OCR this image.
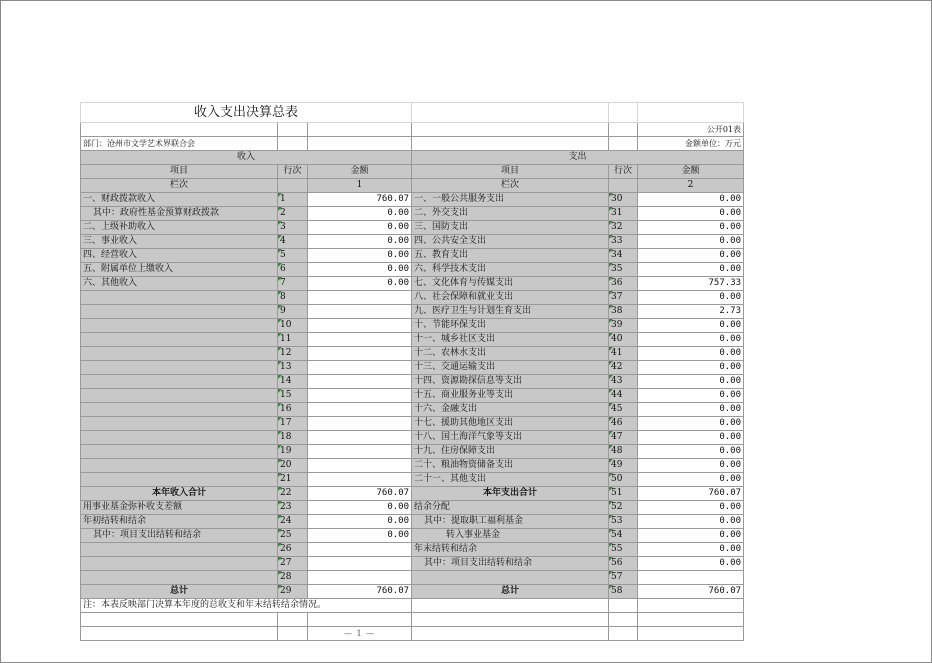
收入支出决算总表					
					公开01表
部门：沧州市文学艺术界联合会					金额单位：万元
收入			支出		
项目	行次	金额	项目	行次	金额
栏次		1	栏次		2
一、财政拨款收入	1	760.07	一、一般公共服务支出	30	0.00
其中：政府性基金预算财政拨款	2	0.00	二、外交支出	31	0.00
二、上级补助收入	3	0.00	三、国防支出	32	0.00
三、事业收入	4	0.00	四、公共安全支出	33	0.00
四、经营收入	5	0.00	五、教育支出	34	0.00
五、附属单位上缴收入	6	0.00	六、科学技术支出	35	0.00
六、其他收入	7	0.00	七、文化体育与传媒支出	36	757.33
	8		八、社会保障和就业支出	37	0.00
	9		九、医疗卫生与计划生育支出	38	2.73
	10		十、节能环保支出	39	0.00
	11		十一、城乡社区支出	40	0.00
	12		十二、农林水支出	41	0.00
	13		十三、交通运输支出	42	0.00
	14		十四、资源勘探信息等支出	43	0.00
	15		十五、商业服务业等支出	44	0.00
	16		十六、金融支出	45	0.00
	17		十七、援助其他地区支出	46	0.00
	18		十八、国土海洋气象等支出	47	0.00
	19		十九、住房保障支出	48	0.00
	20		二十、粮油物资储备支出	49	0.00
	21		二十一、其他支出	50	0.00
本年收入合计	22	760.07	本年支出合计	51	760.07
用事业基金弥补收支差额	23	0.00	结余分配	52	0.00
年初结转和结余	24	0.00	其中：提取职工福利基金	53	0.00
其中：项目支出结转和结余	25	0.00	转入事业基金	54	0.00
	26		年末结转和结余	55	0.00
	27		其中：项目支出结转和结余	56	0.00
	28			57	
总计	29	760.07	总计	58	760.07
注：本表反映部门决算本年度的总收支和年末结转结余情况。					

		— 1 —			
